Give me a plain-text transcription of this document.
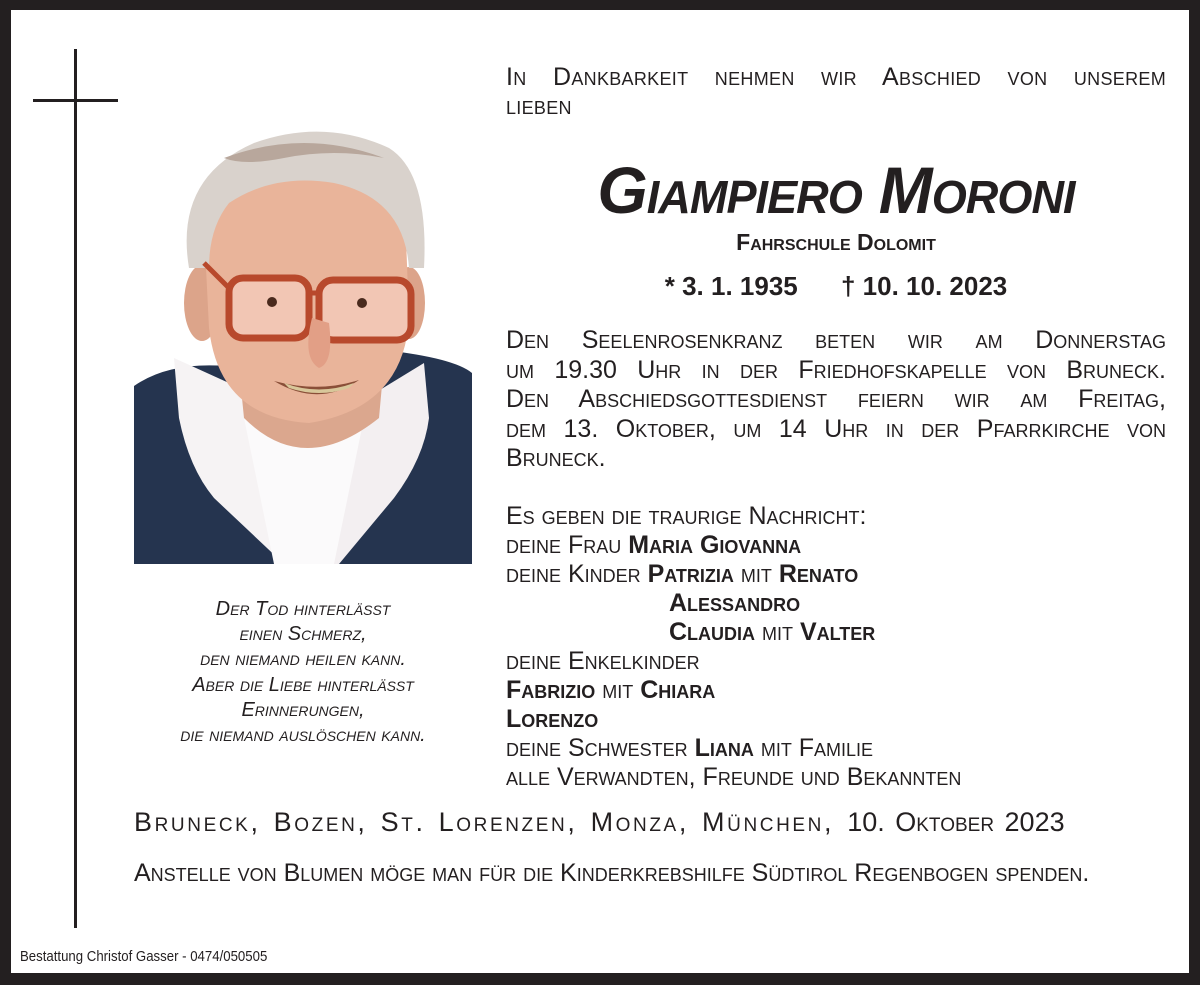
In Dankbarkeit nehmen wir Abschied von unserem
lieben
Giampiero Moroni
Fahrschule Dolomit
* 3. 1. 1935 † 10. 10. 2023
Den Seelenrosenkranz beten wir am Donnerstag
um 19.30 Uhr in der Friedhofskapelle von Bruneck.
Den Abschiedsgottesdienst feiern wir am Freitag,
dem 13. Oktober, um 14 Uhr in der Pfarrkirche von
Bruneck.
Es geben die traurige Nachricht:
deine Frau Maria Giovanna
deine Kinder Patrizia mit Renato
Alessandro
Claudia mit Valter
deine Enkelkinder
Fabrizio mit Chiara
Lorenzo
deine Schwester Liana mit Familie
alle Verwandten, Freunde und Bekannten
Der Tod hinterlässt
einen Schmerz,
den niemand heilen kann.
Aber die Liebe hinterlässt
Erinnerungen,
die niemand auslöschen kann.
Bruneck, Bozen, St. Lorenzen, Monza, München, 10. Oktober 2023
Anstelle von Blumen möge man für die Kinderkrebshilfe Südtirol Regenbogen spenden.
Bestattung Christof Gasser - 0474/050505
